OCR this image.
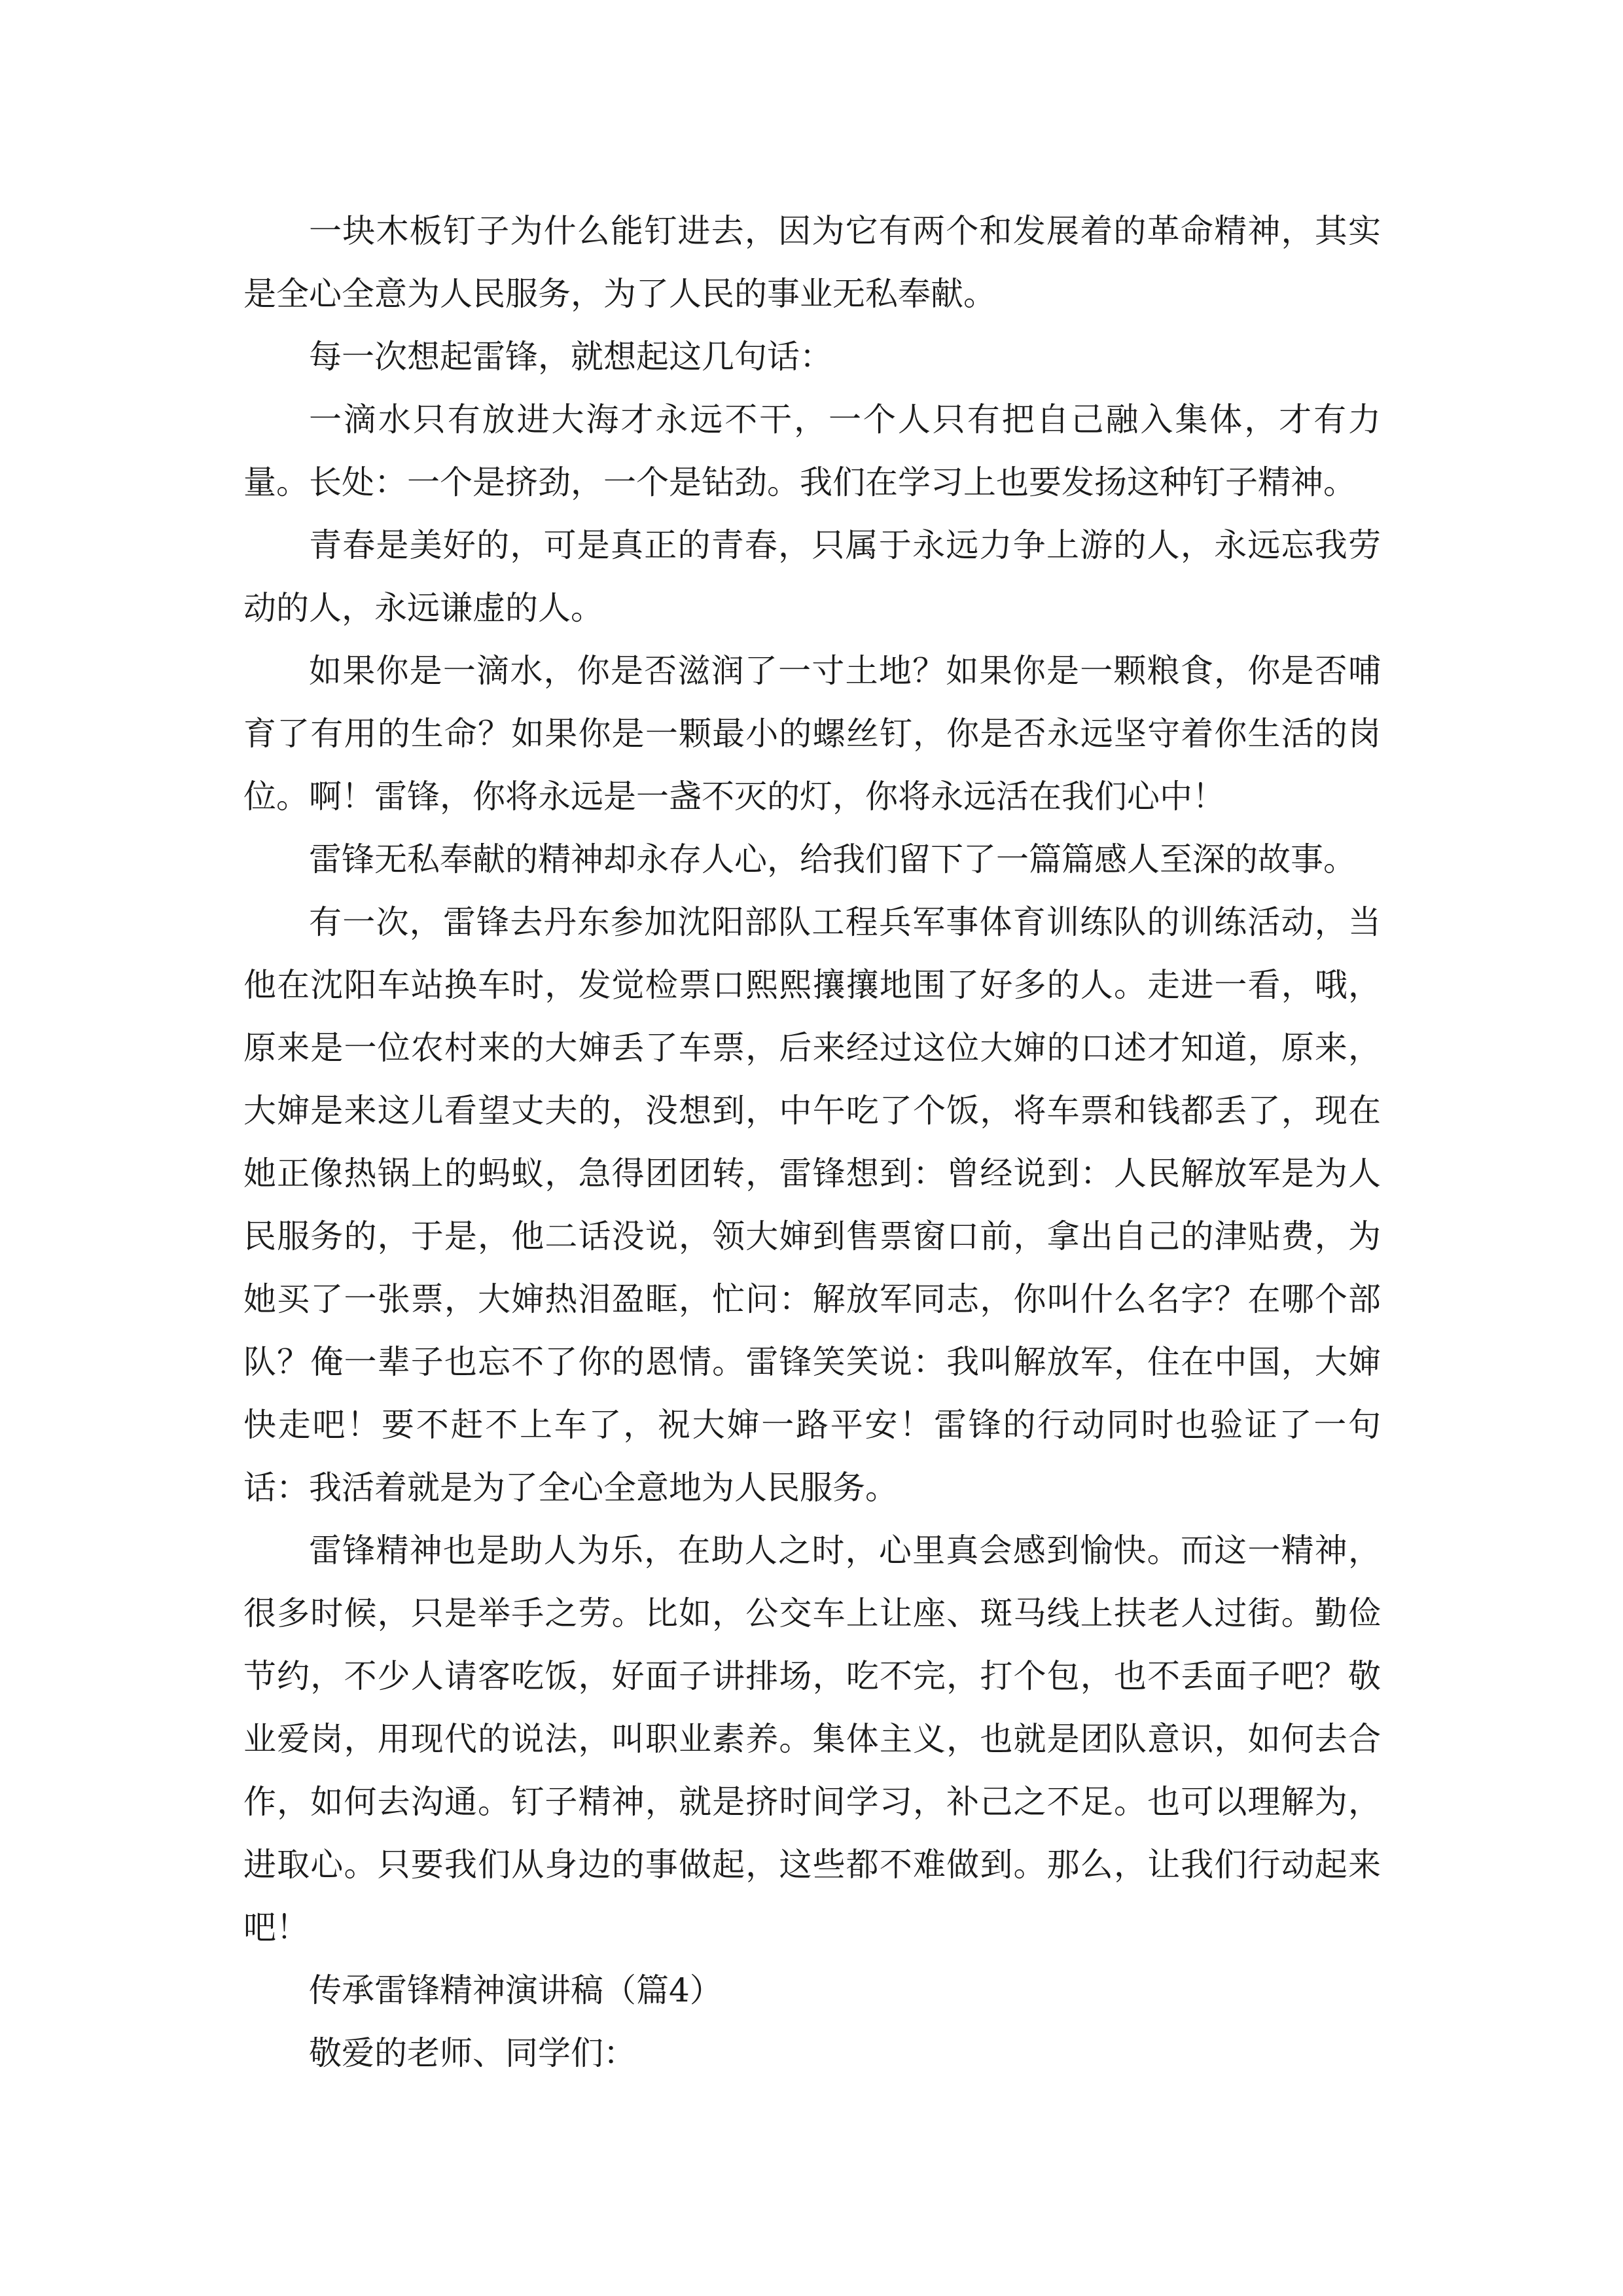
一块木板钉子为什么能钉进去，因为它有两个和发展着的革命精神，其实是全心全意为人民服务，为了人民的事业无私奉献。

每一次想起雷锋，就想起这几句话：

一滴水只有放进大海才永远不干，一个人只有把自己融入集体，才有力量。长处：一个是挤劲，一个是钻劲。我们在学习上也要发扬这种钉子精神。

青春是美好的，可是真正的青春，只属于永远力争上游的人，永远忘我劳动的人，永远谦虚的人。

如果你是一滴水，你是否滋润了一寸土地？如果你是一颗粮食，你是否哺育了有用的生命？如果你是一颗最小的螺丝钉，你是否永远坚守着你生活的岗位。啊！雷锋，你将永远是一盏不灭的灯，你将永远活在我们心中！

雷锋无私奉献的精神却永存人心，给我们留下了一篇篇感人至深的故事。

有一次，雷锋去丹东参加沈阳部队工程兵军事体育训练队的训练活动，当他在沈阳车站换车时，发觉检票口熙熙攘攘地围了好多的人。走进一看，哦，原来是一位农村来的大婶丢了车票，后来经过这位大婶的口述才知道，原来，大婶是来这儿看望丈夫的，没想到，中午吃了个饭，将车票和钱都丢了，现在她正像热锅上的蚂蚁，急得团团转，雷锋想到：曾经说到：人民解放军是为人民服务的，于是，他二话没说，领大婶到售票窗口前，拿出自己的津贴费，为她买了一张票，大婶热泪盈眶，忙问：解放军同志，你叫什么名字？在哪个部队？俺一辈子也忘不了你的恩情。雷锋笑笑说：我叫解放军，住在中国，大婶快走吧！要不赶不上车了，祝大婶一路平安！雷锋的行动同时也验证了一句话：我活着就是为了全心全意地为人民服务。

雷锋精神也是助人为乐，在助人之时，心里真会感到愉快。而这一精神，很多时候，只是举手之劳。比如，公交车上让座、斑马线上扶老人过街。勤俭节约，不少人请客吃饭，好面子讲排场，吃不完，打个包，也不丢面子吧？敬业爱岗，用现代的说法，叫职业素养。集体主义，也就是团队意识，如何去合作，如何去沟通。钉子精神，就是挤时间学习，补己之不足。也可以理解为，进取心。只要我们从身边的事做起，这些都不难做到。那么，让我们行动起来吧！

传承雷锋精神演讲稿（篇4）

敬爱的老师、同学们：
